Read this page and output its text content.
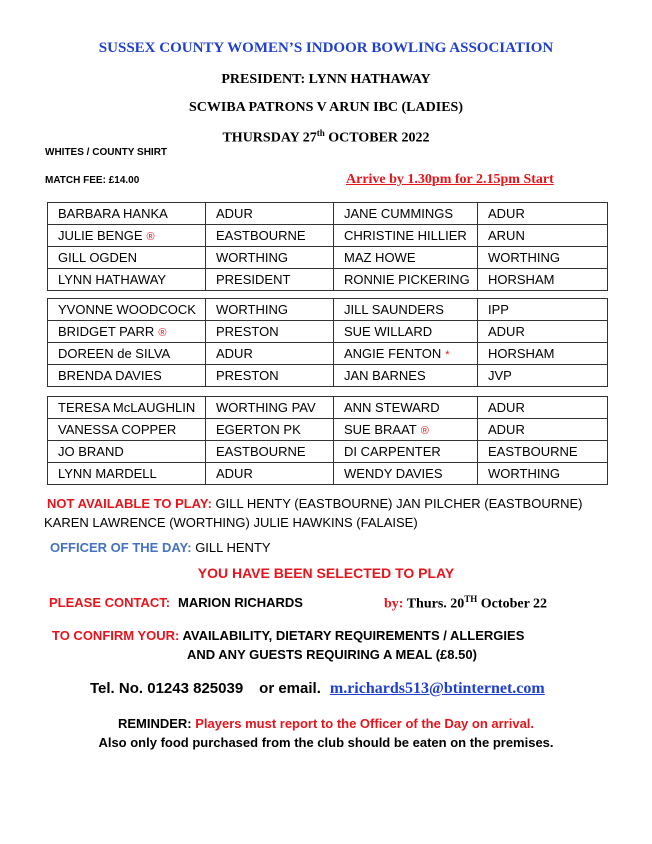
SUSSEX COUNTY WOMEN’S INDOOR BOWLING ASSOCIATION
PRESIDENT: LYNN HATHAWAY
SCWIBA PATRONS V ARUN IBC (LADIES)
THURSDAY 27th OCTOBER 2022
WHITES / COUNTY SHIRT
MATCH FEE: £14.00	Arrive by 1.30pm for 2.15pm Start
BARBARA HANKA	ADUR	JANE CUMMINGS	ADUR
JULIE BENGE ®	EASTBOURNE	CHRISTINE HILLIER	ARUN
GILL OGDEN	WORTHING	MAZ HOWE	WORTHING
LYNN HATHAWAY	PRESIDENT	RONNIE PICKERING	HORSHAM
YVONNE WOODCOCK	WORTHING	JILL SAUNDERS	IPP
BRIDGET PARR ®	PRESTON	SUE WILLARD	ADUR
DOREEN de SILVA	ADUR	ANGIE FENTON *	HORSHAM
BRENDA DAVIES	PRESTON	JAN BARNES	JVP
TERESA McLAUGHLIN	WORTHING PAV	ANN STEWARD	ADUR
VANESSA COPPER	EGERTON PK	SUE BRAAT ®	ADUR
JO BRAND	EASTBOURNE	DI CARPENTER	EASTBOURNE
LYNN MARDELL	ADUR	WENDY DAVIES	WORTHING
NOT AVAILABLE TO PLAY: GILL HENTY (EASTBOURNE) JAN PILCHER (EASTBOURNE)
KAREN LAWRENCE (WORTHING) JULIE HAWKINS (FALAISE)
OFFICER OF THE DAY: GILL HENTY
YOU HAVE BEEN SELECTED TO PLAY
PLEASE CONTACT: MARION RICHARDS	by: Thurs. 20TH October 22
TO CONFIRM YOUR: AVAILABILITY, DIETARY REQUIREMENTS / ALLERGIES
AND ANY GUESTS REQUIRING A MEAL (£8.50)
Tel. No. 01243 825039 or email. m.richards513@btinternet.com
REMINDER: Players must report to the Officer of the Day on arrival.
Also only food purchased from the club should be eaten on the premises.
